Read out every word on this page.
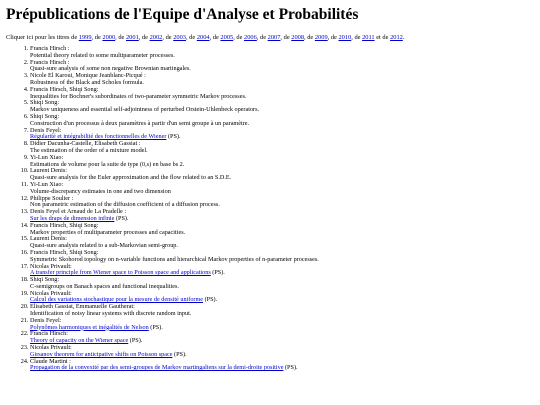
Prépublications de l'Equipe d'Analyse et Probabilités

Cliquer ici pour les titres de 1999, de 2000, de 2001, de 2002, de 2003, de 2004, de 2005, de 2006, de 2007, de 2008, de 2009, de 2010, de 2011 et de 2012.

1. Francis Hirsch :
Potential theory related to some multiparameter processes.
2. Francis Hirsch :
Quasi-sure analysis of some non negative Brownian martingales.
3. Nicole El Karoui, Monique Jeanblanc-Picqué :
Robustness of the Black and Scholes formula.
4. Francis Hirsch, Shiqi Song:
Inequalities for Bochner's subordinates of two-parameter symmetric Markov processes.
5. Shiqi Song:
Markov uniqueness and essential self-adjointness of perturbed Orstein-Uhlenbeck operators.
6. Shiqi Song:
Construction d'un processus à deux paramètres à partir d'un semi groupe à un paramètre.
7. Denis Feyel:
Régularité et intégrabilité des fonctionnelles de Wiener (PS).
8. Didier Dacunha-Castelle, Elisabeth Gassiat :
The estimation of the order of a mixture model.
9. Yi-Lun Xiao:
Estimations de volume pour la suite de type (0,s) en base bs 2.
10. Laurent Denis:
Quasi-sure analysis for the Euler approximation and the flow related to an S.D.E.
11. Yi-Lun Xiao:
Volume-discrepancy estimates in one and two dimension
12. Philippe Soulier :
Non parametric estimation of the diffusion coefficient of a diffusion process.
13. Denis Feyel et Arnaud de La Pradelle :
Sur les draps de dimension infinie (PS).
14. Francis Hirsch, Shiqi Song:
Markov properties of multiparameter processes and capacities.
15. Laurent Denis:
Quasi-sure analysis related to a sub-Markovian semi-group.
16. Francis Hirsch, Shiqi Song:
Symmetric Skohorod topology on n-variable functions and hierarchical Markov properties of n-parameter processes.
17. Nicolas Privault:
A transfer principle from Wiener space to Poisson space and applications (PS).
18. Shiqi Song:
C-semigroups on Banach spaces and functional inequalities.
19. Nicolas Privault:
Calcul des variations stochastique pour la mesure de densité uniforme (PS).
20. Elisabeth Gassiat, Emmanuelle Gautherat:
Identification of noisy linear systems with discrete random input.
21. Denis Feyel:
Polynômes harmoniques et inégalités de Nelson (PS).
22. Francis Hirsch:
Theory of capacity on the Wiener space (PS).
23. Nicolas Privault:
Girsanov theorem for anticipative shifts on Poisson space (PS).
24. Claude Martini :
Propagation de la convexité par des semi-groupes de Markov martingaliens sur la demi-droite positive (PS).
